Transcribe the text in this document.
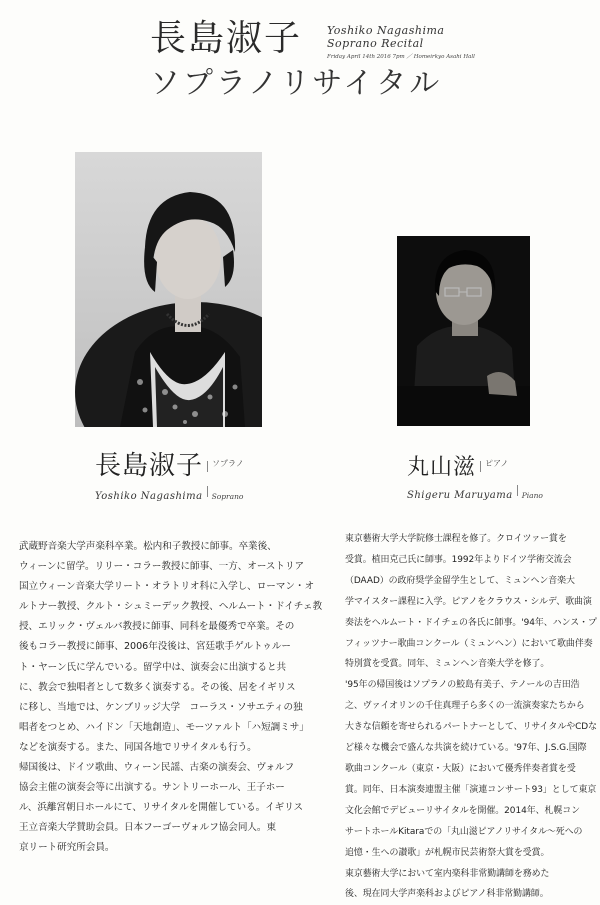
長島淑子 Yoshiko Nagashima
Soprano Recital
Friday April 14th 2016 7pm ／ Homeirkyo Asahi Hall
ソプラノリサイタル
長島淑子 $^{ソプラノ}$
Yoshiko Nagashima Soprano
丸山滋 $^{ピアノ}$
Shigeru Maruyama Piano

武蔵野音楽大学声楽科卒業。松内和子教授に師事。卒業後、

ウィーンに留学。リリー・コラー教授に師事、一方、オーストリア

国立ウィーン音楽大学リート・オラトリオ科に入学し、ローマン・オ

ルトナー教授、クルト・シュミーデック教授、ヘルムート・ドイチェ教

授、エリック・ヴェルバ教授に師事、同科を最優秀で卒業。その

後もコラー教授に師事、2006年没後は、宮廷歌手ゲルトゥルー

ト・ヤーン氏に学んでいる。留学中は、演奏会に出演すると共

に、教会で独唱者として数多く演奏する。その後、居をイギリス

に移し、当地では、ケンブリッジ大学　コーラス・ソサエティの独

唱者をつとめ、ハイドン「天地創造」、モーツァルト「ハ短調ミサ」

などを演奏する。また、同国各地でリサイタルも行う。

帰国後は、ドイツ歌曲、ウィーン民謡、古楽の演奏会、ヴォルフ

協会主催の演奏会等に出演する。サントリーホール、王子ホー

ル、浜離宮朝日ホールにて、リサイタルを開催している。イギリス

王立音楽大学賛助会員。日本フーゴーヴォルフ協会同人。東

京リート研究所会員。

東京藝術大学大学院修士課程を修了。クロイツァー賞を

受賞。植田克己氏に師事。1992年よりドイツ学術交流会

（DAAD）の政府奨学金留学生として、ミュンヘン音楽大

学マイスター課程に入学。ピアノをクラウス・シルデ、歌曲演

奏法をヘルムート・ドイチェの各氏に師事。'94年、ハンス・プ

フィッツナー歌曲コンクール（ミュンヘン）において歌曲伴奏

特別賞を受賞。同年、ミュンヘン音楽大学を修了。

'95年の帰国後はソプラノの鮫島有美子、テノールの吉田浩

之、ヴァイオリンの千住真理子ら多くの一流演奏家たちから

大きな信頼を寄せられるパートナーとして、リサイタルやCDな

ど様々な機会で盛んな共演を続けている。'97年、J.S.G.国際

歌曲コンクール（東京・大阪）において優秀伴奏者賞を受

賞。同年、日本演奏連盟主催「演連コンサート93」として東京

文化会館でデビューリサイタルを開催。2014年、札幌コン

サートホールKitaraでの「丸山滋ピアノリサイタル～死への

追憶・生への讃歌」が札幌市民芸術祭大賞を受賞。

東京藝術大学において室内楽科非常勤講師を務めた

後、現在同大学声楽科およびピアノ科非常勤講師。
